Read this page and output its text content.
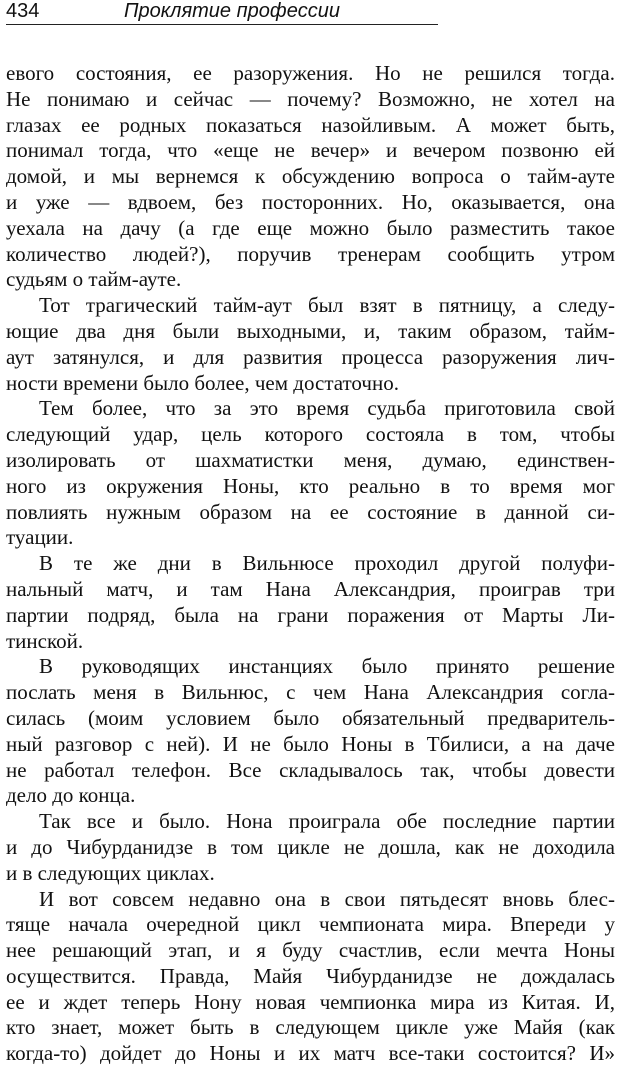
434	Проклятие профессии
евого состояния, ее разоружения. Но не решился тогда.
Не понимаю и сейчас — почему? Возможно, не хотел на
глазах ее родных показаться назойливым. А может быть,
понимал тогда, что «еще не вечер» и вечером позвоню ей
домой, и мы вернемся к обсуждению вопроса о тайм-ауте
и уже — вдвоем, без посторонних. Но, оказывается, она
уехала на дачу (а где еще можно было разместить такое
количество людей?), поручив тренерам сообщить утром
судьям о тайм-ауте.
Тот трагический тайм-аут был взят в пятницу, а следу-
ющие два дня были выходными, и, таким образом, тайм-
аут затянулся, и для развития процесса разоружения лич-
ности времени было более, чем достаточно.
Тем более, что за это время судьба приготовила свой
следующий удар, цель которого состояла в том, чтобы
изолировать от шахматистки меня, думаю, единствен-
ного из окружения Ноны, кто реально в то время мог
повлиять нужным образом на ее состояние в данной си-
туации.
В те же дни в Вильнюсе проходил другой полуфи-
нальный матч, и там Нана Александрия, проиграв три
партии подряд, была на грани поражения от Марты Ли-
тинской.
В руководящих инстанциях было принято решение
послать меня в Вильнюс, с чем Нана Александрия согла-
силась (моим условием было обязательный предваритель-
ный разговор с ней). И не было Ноны в Тбилиси, а на даче
не работал телефон. Все складывалось так, чтобы довести
дело до конца.
Так все и было. Нона проиграла обе последние партии
и до Чибурданидзе в том цикле не дошла, как не доходила
и в следующих циклах.
И вот совсем недавно она в свои пятьдесят вновь блес-
тяще начала очередной цикл чемпионата мира. Впереди у
нее решающий этап, и я буду счастлив, если мечта Ноны
осуществится. Правда, Майя Чибурданидзе не дождалась
ее и ждет теперь Нону новая чемпионка мира из Китая. И,
кто знает, может быть в следующем цикле уже Майя (как
когда-то) дойдет до Ноны и их матч все-таки состоится? И»
